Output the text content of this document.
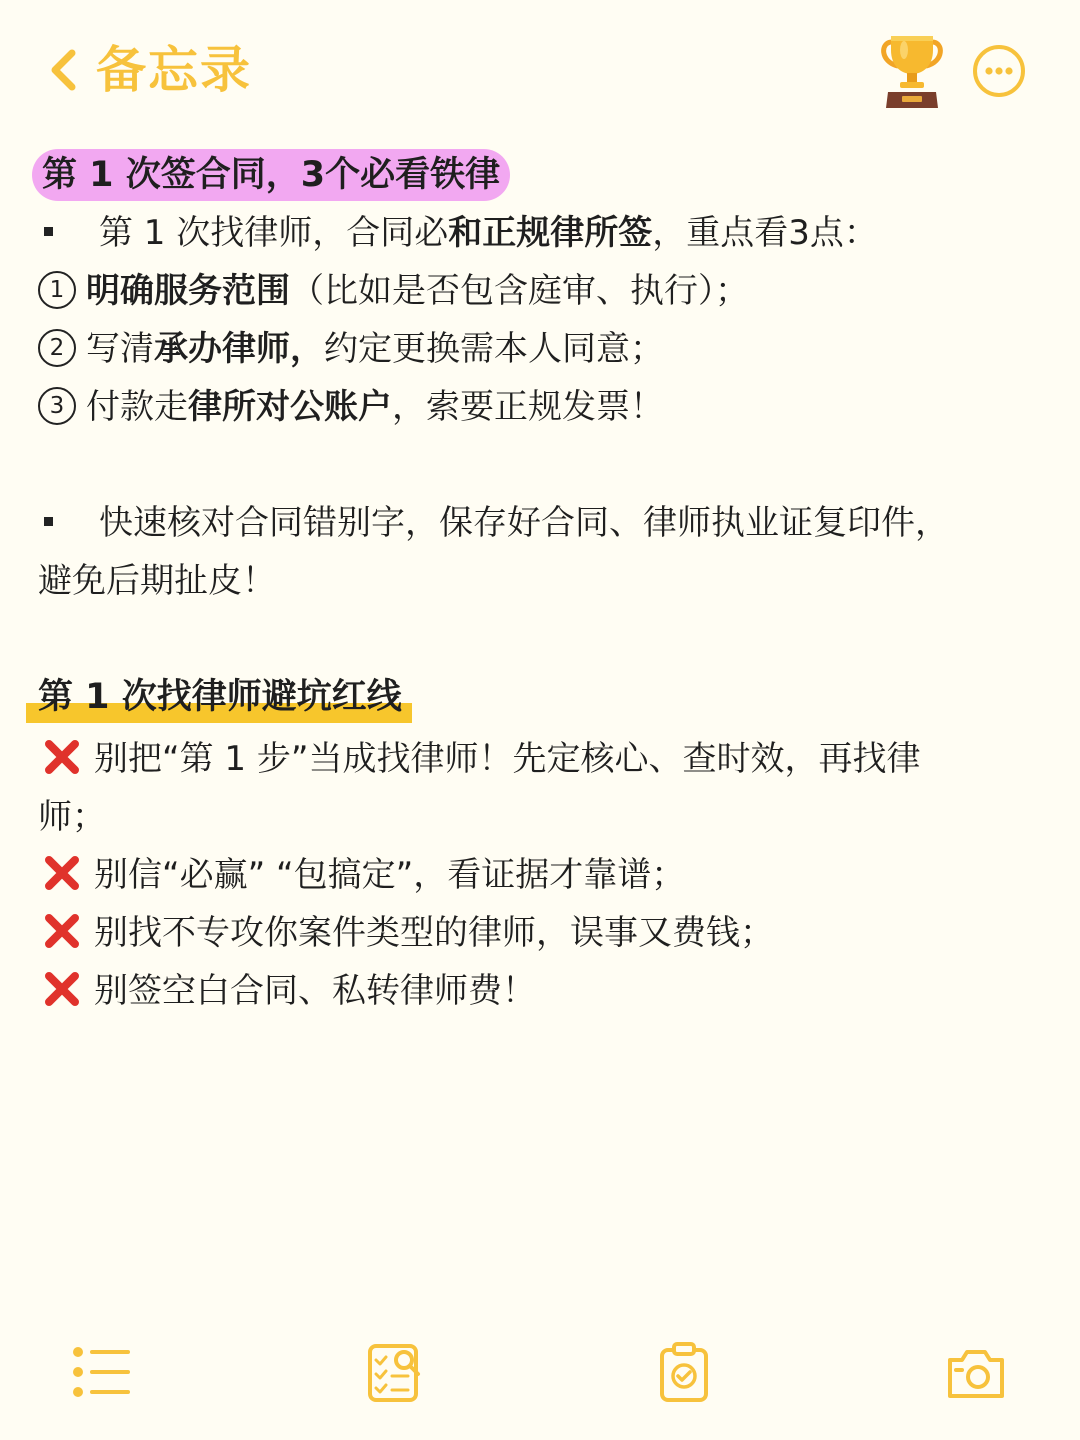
备忘录
第 1 次签合同，3个必看铁律
第 1 次找律师，合同必和正规律所签，重点看3点：
1 明确服务范围（比如是否包含庭审、执行）；
2 写清承办律师，约定更换需本人同意；
3 付款走律所对公账户，索要正规发票！
快速核对合同错别字，保存好合同、律师执业证复印件，
避免后期扯皮！
第 1 次找律师避坑红线
别把“第 1 步”当成找律师！先定核心、查时效，再找律
师；
别信“必赢” “包搞定”，看证据才靠谱；
别找不专攻你案件类型的律师，误事又费钱；
别签空白合同、私转律师费！
